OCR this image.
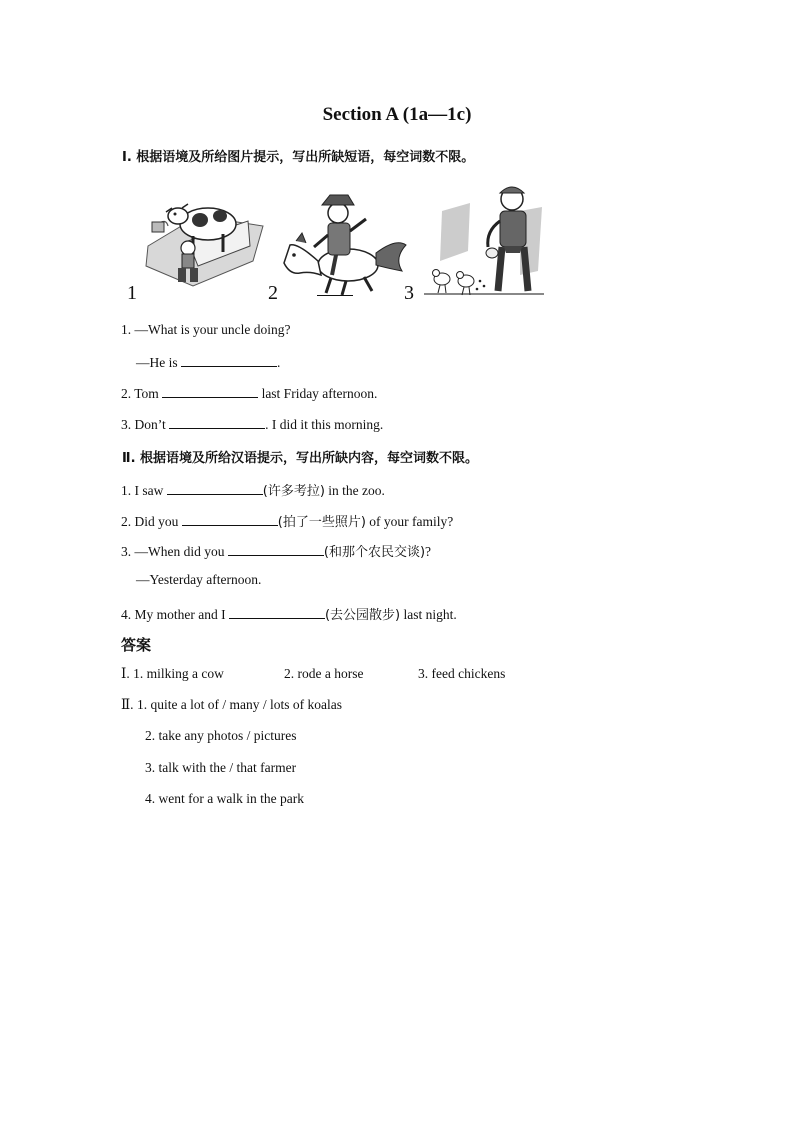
Section A (1a—1c)
Ⅰ. 根据语境及所给图片提示，写出所缺短语，每空词数不限。
1	2	3
1. —What is your uncle doing?
—He is	.
2. Tom	last Friday afternoon.
3. Don’t	. I did it this morning.
Ⅱ. 根据语境及所给汉语提示，写出所缺内容，每空词数不限。
1. I saw	(许多考拉) in the zoo.
2. Did you	(拍了一些照片) of your family?
3. —When did you	(和那个农民交谈)?
—Yesterday afternoon.
4. My mother and I	(去公园散步) last night.
答案
Ⅰ. 1. milking a cow	2. rode a horse	3. feed chickens
Ⅱ. 1. quite a lot of / many / lots of koalas
2. take any photos / pictures
3. talk with the / that farmer
4. went for a walk in the park
